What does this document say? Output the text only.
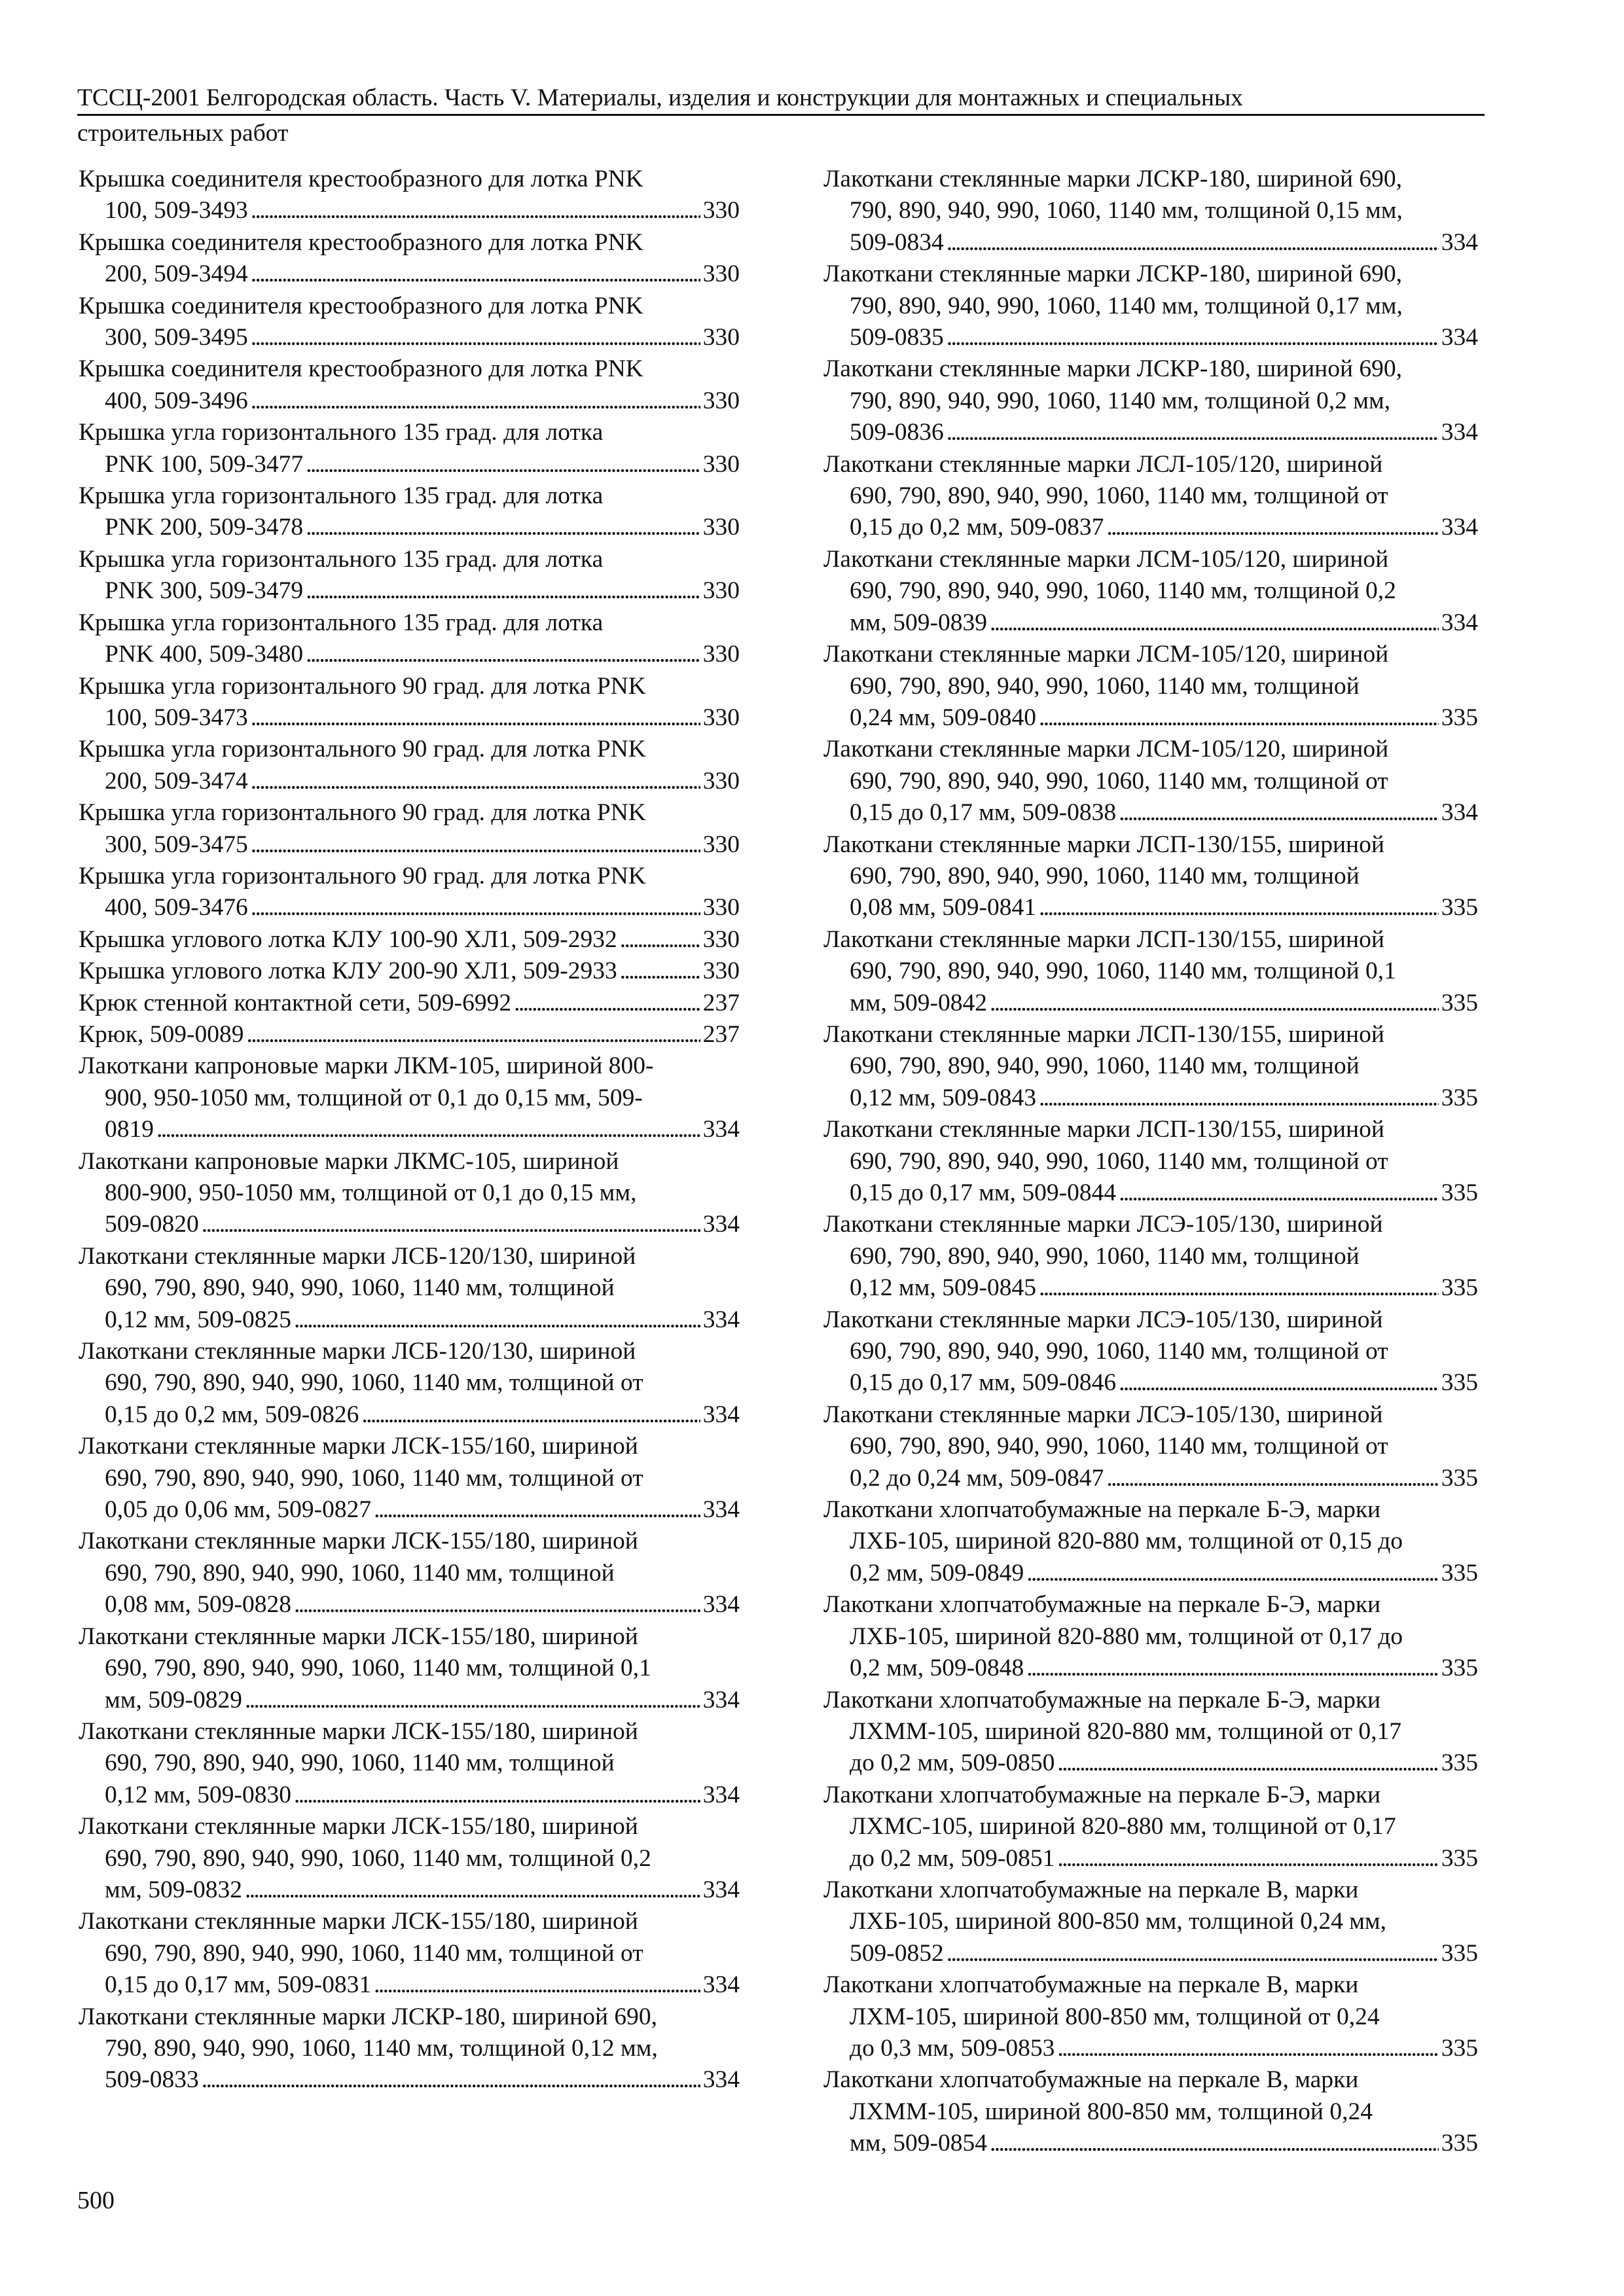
ТССЦ-2001 Белгородская область. Часть V. Материалы, изделия и конструкции для монтажных и специальных
строительных работ
Крышка соединителя крестообразного для лотка PNK
100, 509-3493 . . .	330
Крышка соединителя крестообразного для лотка PNK
200, 509-3494 . . .	330
Крышка соединителя крестообразного для лотка PNK
300, 509-3495 . . .	330
Крышка соединителя крестообразного для лотка PNK
400, 509-3496 . . .	330
Крышка угла горизонтального 135 град. для лотка
PNK 100, 509-3477 . . .	330
Крышка угла горизонтального 135 град. для лотка
PNK 200, 509-3478 . . .	330
Крышка угла горизонтального 135 град. для лотка
PNK 300, 509-3479 . . .	330
Крышка угла горизонтального 135 град. для лотка
PNK 400, 509-3480 . . .	330
Крышка угла горизонтального 90 град. для лотка PNK
100, 509-3473 . . .	330
Крышка угла горизонтального 90 град. для лотка PNK
200, 509-3474 . . .	330
Крышка угла горизонтального 90 град. для лотка PNK
300, 509-3475 . . .	330
Крышка угла горизонтального 90 град. для лотка PNK
400, 509-3476 . . .	330
Крышка углового лотка КЛУ 100-90 ХЛ1, 509-2932 . . .	330
Крышка углового лотка КЛУ 200-90 ХЛ1, 509-2933 . . .	330
Крюк стенной контактной сети, 509-6992 . . .	237
Крюк, 509-0089 . . .	237
Лакоткани капроновые марки ЛКМ-105, шириной 800-
900, 950-1050 мм, толщиной от 0,1 до 0,15 мм, 509-
0819 . . .	334
Лакоткани капроновые марки ЛКМС-105, шириной
800-900, 950-1050 мм, толщиной от 0,1 до 0,15 мм,
509-0820 . . .	334
Лакоткани стеклянные марки ЛСБ-120/130, шириной
690, 790, 890, 940, 990, 1060, 1140 мм, толщиной
0,12 мм, 509-0825 . . .	334
Лакоткани стеклянные марки ЛСБ-120/130, шириной
690, 790, 890, 940, 990, 1060, 1140 мм, толщиной от
0,15 до 0,2 мм, 509-0826 . . .	334
Лакоткани стеклянные марки ЛСК-155/160, шириной
690, 790, 890, 940, 990, 1060, 1140 мм, толщиной от
0,05 до 0,06 мм, 509-0827 . . .	334
Лакоткани стеклянные марки ЛСК-155/180, шириной
690, 790, 890, 940, 990, 1060, 1140 мм, толщиной
0,08 мм, 509-0828 . . .	334
Лакоткани стеклянные марки ЛСК-155/180, шириной
690, 790, 890, 940, 990, 1060, 1140 мм, толщиной 0,1
мм, 509-0829 . . .	334
Лакоткани стеклянные марки ЛСК-155/180, шириной
690, 790, 890, 940, 990, 1060, 1140 мм, толщиной
0,12 мм, 509-0830 . . .	334
Лакоткани стеклянные марки ЛСК-155/180, шириной
690, 790, 890, 940, 990, 1060, 1140 мм, толщиной 0,2
мм, 509-0832 . . .	334
Лакоткани стеклянные марки ЛСК-155/180, шириной
690, 790, 890, 940, 990, 1060, 1140 мм, толщиной от
0,15 до 0,17 мм, 509-0831 . . .	334
Лакоткани стеклянные марки ЛСКР-180, шириной 690,
790, 890, 940, 990, 1060, 1140 мм, толщиной 0,12 мм,
509-0833 . . .	334
Лакоткани стеклянные марки ЛСКР-180, шириной 690,
790, 890, 940, 990, 1060, 1140 мм, толщиной 0,15 мм,
509-0834 . . .	334
Лакоткани стеклянные марки ЛСКР-180, шириной 690,
790, 890, 940, 990, 1060, 1140 мм, толщиной 0,17 мм,
509-0835 . . .	334
Лакоткани стеклянные марки ЛСКР-180, шириной 690,
790, 890, 940, 990, 1060, 1140 мм, толщиной 0,2 мм,
509-0836 . . .	334
Лакоткани стеклянные марки ЛСЛ-105/120, шириной
690, 790, 890, 940, 990, 1060, 1140 мм, толщиной от
0,15 до 0,2 мм, 509-0837 . . .	334
Лакоткани стеклянные марки ЛСМ-105/120, шириной
690, 790, 890, 940, 990, 1060, 1140 мм, толщиной 0,2
мм, 509-0839 . . .	334
Лакоткани стеклянные марки ЛСМ-105/120, шириной
690, 790, 890, 940, 990, 1060, 1140 мм, толщиной
0,24 мм, 509-0840 . . .	335
Лакоткани стеклянные марки ЛСМ-105/120, шириной
690, 790, 890, 940, 990, 1060, 1140 мм, толщиной от
0,15 до 0,17 мм, 509-0838 . . .	334
Лакоткани стеклянные марки ЛСП-130/155, шириной
690, 790, 890, 940, 990, 1060, 1140 мм, толщиной
0,08 мм, 509-0841 . . .	335
Лакоткани стеклянные марки ЛСП-130/155, шириной
690, 790, 890, 940, 990, 1060, 1140 мм, толщиной 0,1
мм, 509-0842 . . .	335
Лакоткани стеклянные марки ЛСП-130/155, шириной
690, 790, 890, 940, 990, 1060, 1140 мм, толщиной
0,12 мм, 509-0843 . . .	335
Лакоткани стеклянные марки ЛСП-130/155, шириной
690, 790, 890, 940, 990, 1060, 1140 мм, толщиной от
0,15 до 0,17 мм, 509-0844 . . .	335
Лакоткани стеклянные марки ЛСЭ-105/130, шириной
690, 790, 890, 940, 990, 1060, 1140 мм, толщиной
0,12 мм, 509-0845 . . .	335
Лакоткани стеклянные марки ЛСЭ-105/130, шириной
690, 790, 890, 940, 990, 1060, 1140 мм, толщиной от
0,15 до 0,17 мм, 509-0846 . . .	335
Лакоткани стеклянные марки ЛСЭ-105/130, шириной
690, 790, 890, 940, 990, 1060, 1140 мм, толщиной от
0,2 до 0,24 мм, 509-0847 . . .	335
Лакоткани хлопчатобумажные на перкале Б-Э, марки
ЛХБ-105, шириной 820-880 мм, толщиной от 0,15 до
0,2 мм, 509-0849 . . .	335
Лакоткани хлопчатобумажные на перкале Б-Э, марки
ЛХБ-105, шириной 820-880 мм, толщиной от 0,17 до
0,2 мм, 509-0848 . . .	335
Лакоткани хлопчатобумажные на перкале Б-Э, марки
ЛХММ-105, шириной 820-880 мм, толщиной от 0,17
до 0,2 мм, 509-0850 . . .	335
Лакоткани хлопчатобумажные на перкале Б-Э, марки
ЛХМС-105, шириной 820-880 мм, толщиной от 0,17
до 0,2 мм, 509-0851 . . .	335
Лакоткани хлопчатобумажные на перкале В, марки
ЛХБ-105, шириной 800-850 мм, толщиной 0,24 мм,
509-0852 . . .	335
Лакоткани хлопчатобумажные на перкале В, марки
ЛХМ-105, шириной 800-850 мм, толщиной от 0,24
до 0,3 мм, 509-0853 . . .	335
Лакоткани хлопчатобумажные на перкале В, марки
ЛХММ-105, шириной 800-850 мм, толщиной 0,24
мм, 509-0854 . . .	335
500
